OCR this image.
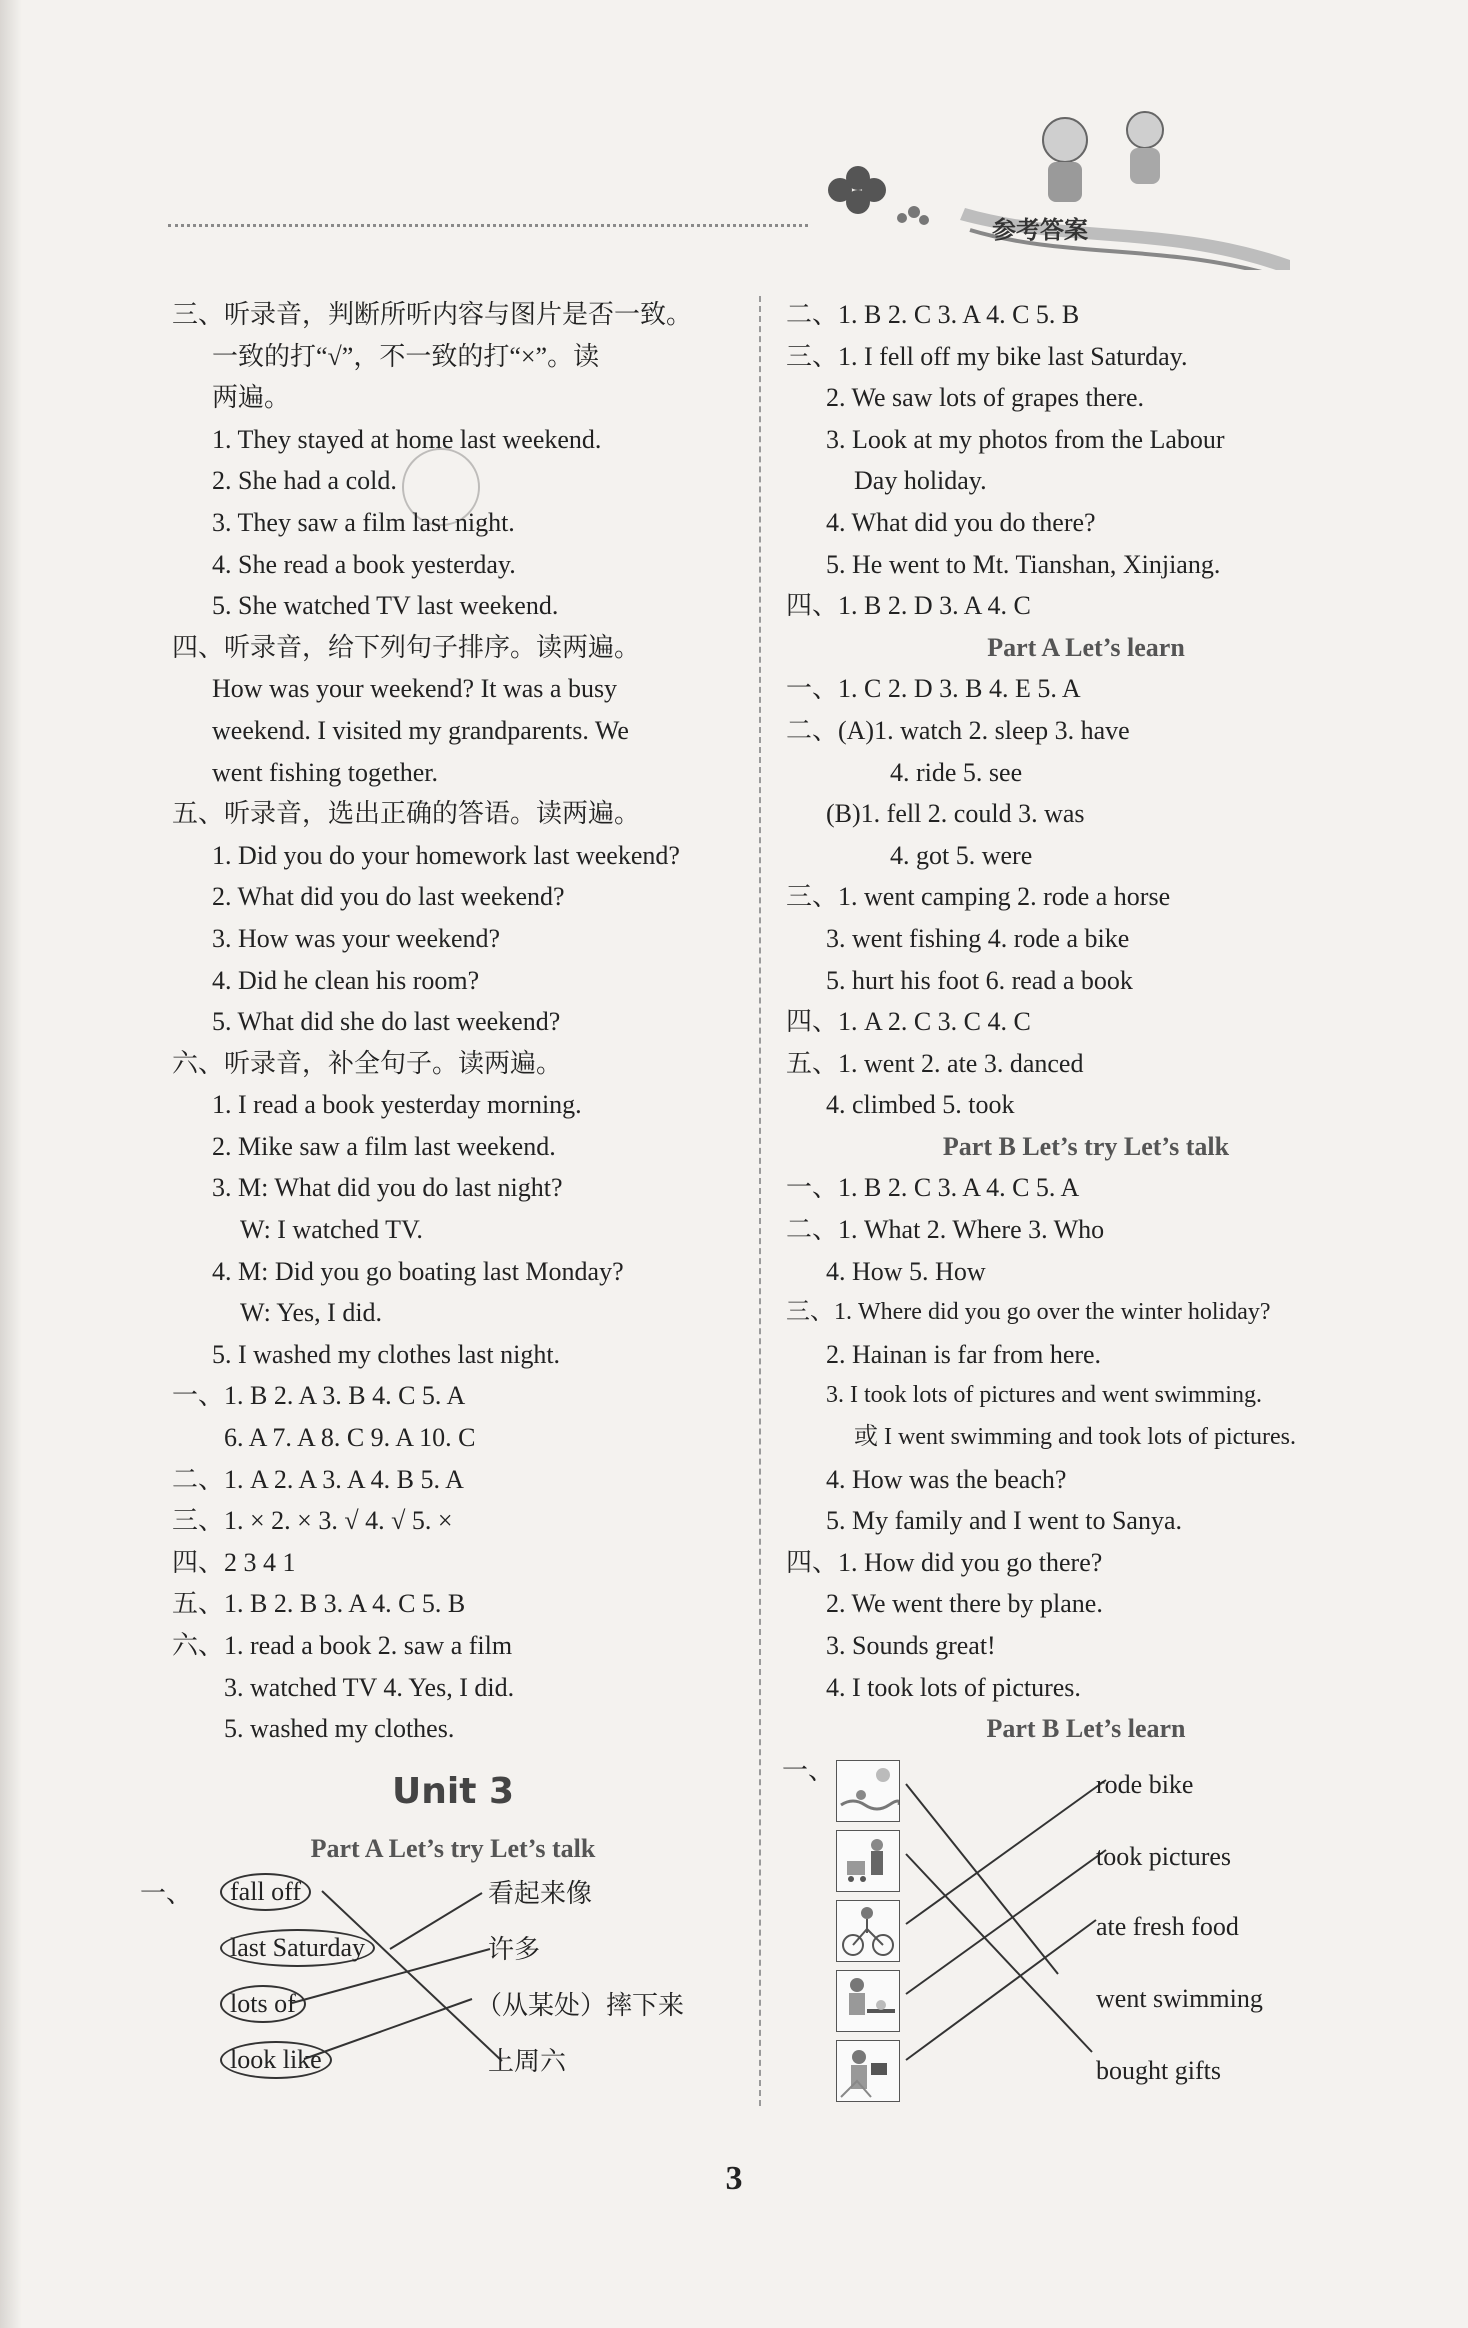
参考答案
三、听录音，判断所听内容与图片是否一致。
一致的打“√”，不一致的打“×”。读
两遍。
1. They stayed at home last weekend.
2. She had a cold.
3. They saw a film last night.
4. She read a book yesterday.
5. She watched TV last weekend.
四、听录音，给下列句子排序。读两遍。
How was your weekend? It was a busy
weekend. I visited my grandparents. We
went fishing together.
五、听录音，选出正确的答语。读两遍。
1. Did you do your homework last weekend?
2. What did you do last weekend?
3. How was your weekend?
4. Did he clean his room?
5. What did she do last weekend?
六、听录音，补全句子。读两遍。
1. I read a book yesterday morning.
2. Mike saw a film last weekend.
3. M: What did you do last night?
W: I watched TV.
4. M: Did you go boating last Monday?
W: Yes, I did.
5. I washed my clothes last night.
一、1. B 2. A 3. B 4. C 5. A
6. A 7. A 8. C 9. A 10. C
二、1. A 2. A 3. A 4. B 5. A
三、1. × 2. × 3. √ 4. √ 5. ×
四、2 3 4 1
五、1. B 2. B 3. A 4. C 5. B
六、1. read a book 2. saw a film
3. watched TV 4. Yes, I did.
5. washed my clothes.
Unit 3
Part A Let’s try Let’s talk
一、	fall off
last Saturday
lots of
look like
看起来像
许多
（从某处）摔下来
上周六
二、1. B 2. C 3. A 4. C 5. B
三、1. I fell off my bike last Saturday.
2. We saw lots of grapes there.
3. Look at my photos from the Labour
Day holiday.
4. What did you do there?
5. He went to Mt. Tianshan, Xinjiang.
四、1. B 2. D 3. A 4. C
Part A Let’s learn
一、1. C 2. D 3. B 4. E 5. A
二、(A)1. watch 2. sleep 3. have
4. ride 5. see
(B)1. fell 2. could 3. was
4. got 5. were
三、1. went camping 2. rode a horse
3. went fishing 4. rode a bike
5. hurt his foot 6. read a book
四、1. A 2. C 3. C 4. C
五、1. went 2. ate 3. danced
4. climbed 5. took
Part B Let’s try Let’s talk
一、1. B 2. C 3. A 4. C 5. A
二、1. What 2. Where 3. Who
4. How 5. How
三、1. Where did you go over the winter holiday?
2. Hainan is far from here.
3. I took lots of pictures and went swimming.
或 I went swimming and took lots of pictures.
4. How was the beach?
5. My family and I went to Sanya.
四、1. How did you go there?
2. We went there by plane.
3. Sounds great!
4. I took lots of pictures.
Part B Let’s learn
一、	rode bike
took pictures
ate fresh food
went swimming
bought gifts
3
